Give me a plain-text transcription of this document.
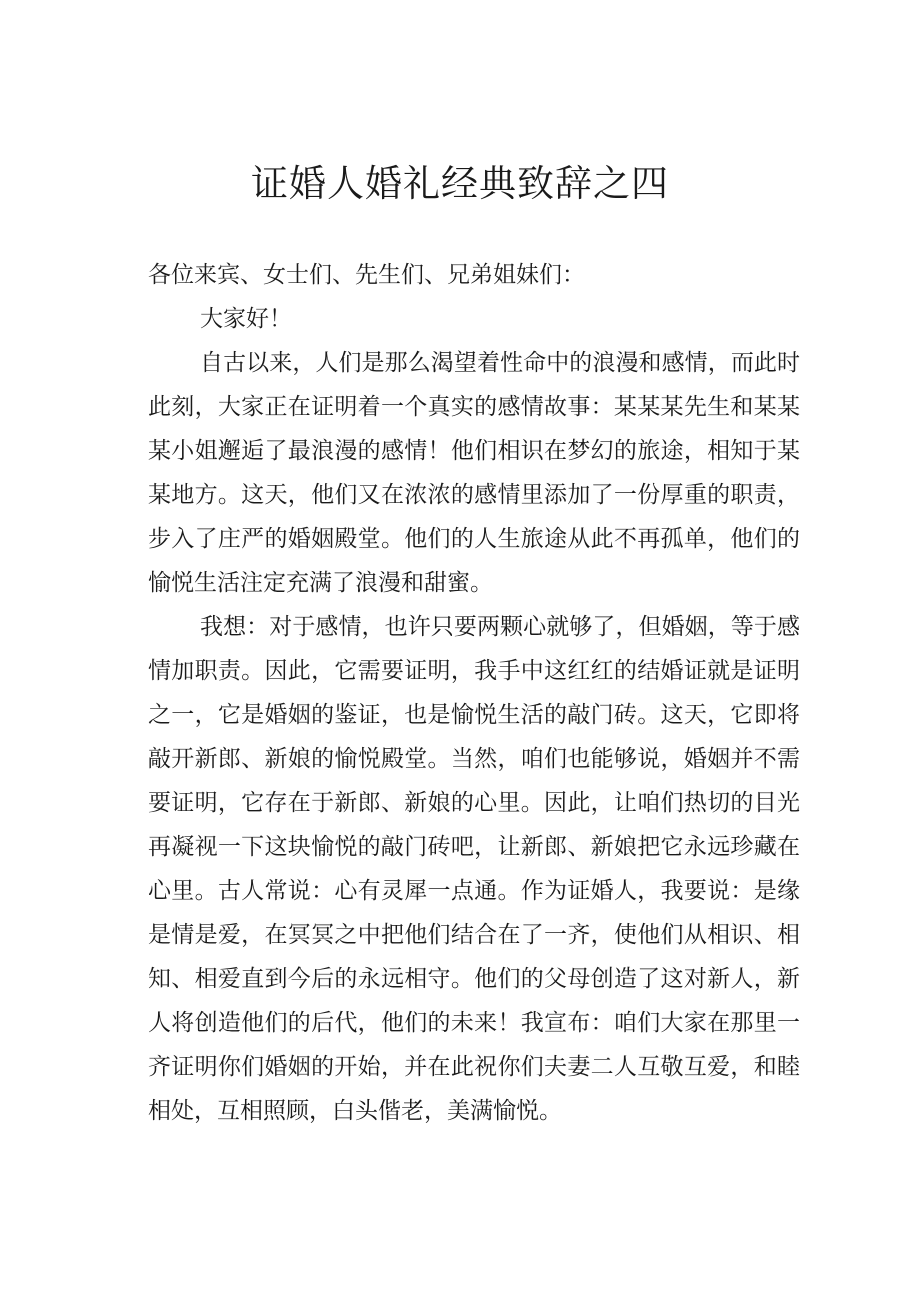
证婚人婚礼经典致辞之四
各位来宾、女士们、先生们、兄弟姐妹们：
大家好！
自古以来，人们是那么渴望着性命中的浪漫和感情，而此时
此刻，大家正在证明着一个真实的感情故事：某某某先生和某某
某小姐邂逅了最浪漫的感情！他们相识在梦幻的旅途，相知于某
某地方。这天，他们又在浓浓的感情里添加了一份厚重的职责，
步入了庄严的婚姻殿堂。他们的人生旅途从此不再孤单，他们的
愉悦生活注定充满了浪漫和甜蜜。
我想：对于感情，也许只要两颗心就够了，但婚姻，等于感
情加职责。因此，它需要证明，我手中这红红的结婚证就是证明
之一，它是婚姻的鉴证，也是愉悦生活的敲门砖。这天，它即将
敲开新郎、新娘的愉悦殿堂。当然，咱们也能够说，婚姻并不需
要证明，它存在于新郎、新娘的心里。因此，让咱们热切的目光
再凝视一下这块愉悦的敲门砖吧，让新郎、新娘把它永远珍藏在
心里。古人常说：心有灵犀一点通。作为证婚人，我要说：是缘
是情是爱，在冥冥之中把他们结合在了一齐，使他们从相识、相
知、相爱直到今后的永远相守。他们的父母创造了这对新人，新
人将创造他们的后代，他们的未来！我宣布：咱们大家在那里一
齐证明你们婚姻的开始，并在此祝你们夫妻二人互敬互爱，和睦
相处，互相照顾，白头偕老，美满愉悦。
